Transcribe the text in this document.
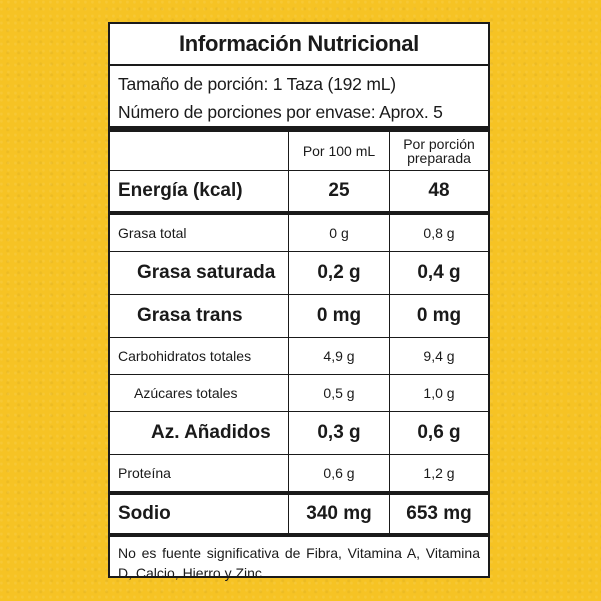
Información Nutricional
Tamaño de porción: 1 Taza (192 mL)
Número de porciones por envase: Aprox. 5
	Por 100 mL	Por porción
preparada

Energía (kcal)	25	48
Grasa total	0 g	0,8 g
Grasa saturada	0,2 g	0,4 g
Grasa trans	0 mg	0 mg
Carbohidratos totales	4,9 g	9,4 g
Azúcares totales	0,5 g	1,0 g
Az. Añadidos	0,3 g	0,6 g
Proteína	0,6 g	1,2 g
Sodio	340 mg	653 mg
No es fuente significativa de Fibra, Vitamina A, Vitamina D, Calcio, Hierro y Zinc.
